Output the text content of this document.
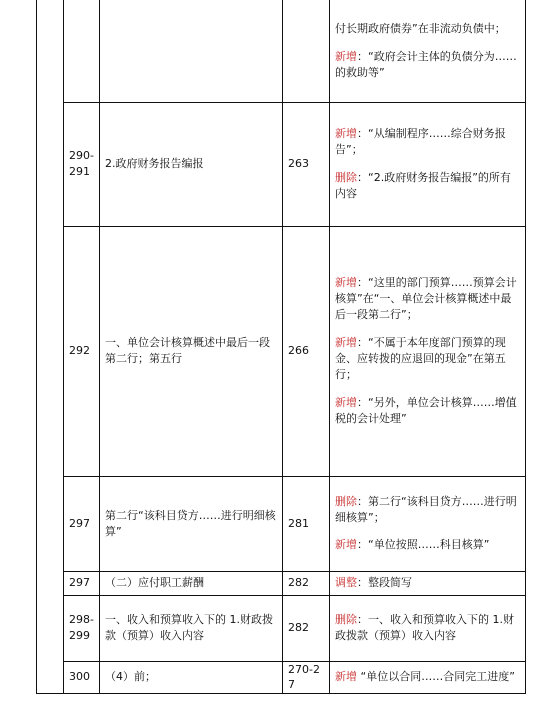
				付长期政府债券”在非流动负债中；

新增：“政府会计主体的负债分为……的救助等”

	290-291	2.政府财务报告编报	263	新增：“从编制程序……综合财务报告”；

删除：“2.政府财务报告编报”的所有内容

	292	一、单位会计核算概述中最后一段第二行；第五行	266	新增：“这里的部门预算……预算会计核算”在“一、单位会计核算概述中最后一段第二行”；

新增：“不属于本年度部门预算的现金、应转拨的应退回的现金”在第五行；

新增：“另外，单位会计核算……增值税的会计处理”

	297	第二行“该科目贷方……进行明细核算”	281	删除：第二行“该科目贷方……进行明细核算”；

新增：“单位按照……科目核算”

	297	（二）应付职工薪酬	282	调整：整段简写

	298-299	一、收入和预算收入下的 1.财政拨款（预算）收入内容	282	删除：一、收入和预算收入下的 1.财政拨款（预算）收入内容

	300	（4）前；	270-27	新增 “单位以合同……合同完工进度”
